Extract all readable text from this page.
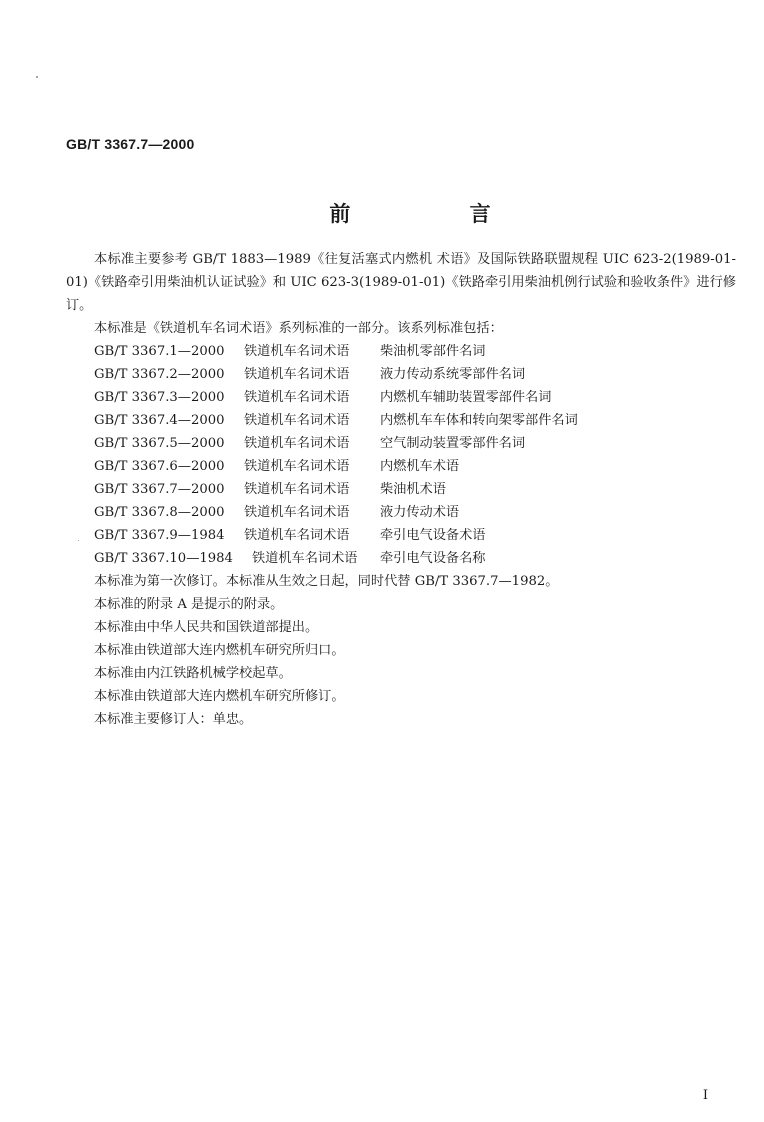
GB/T 3367.7—2000
前 言

本标准主要参考 GB/T 1883—1989《往复活塞式内燃机 术语》及国际铁路联盟规程 UIC 623-2(1989-01-01)《铁路牵引用柴油机认证试验》和 UIC 623-3(1989-01-01)《铁路牵引用柴油机例行试验和验收条件》进行修订。

本标准是《铁道机车名词术语》系列标准的一部分。该系列标准包括：

GB/T 3367.1—2000	铁道机车名词术语	柴油机零部件名词
GB/T 3367.2—2000	铁道机车名词术语	液力传动系统零部件名词
GB/T 3367.3—2000	铁道机车名词术语	内燃机车辅助装置零部件名词
GB/T 3367.4—2000	铁道机车名词术语	内燃机车车体和转向架零部件名词
GB/T 3367.5—2000	铁道机车名词术语	空气制动装置零部件名词
GB/T 3367.6—2000	铁道机车名词术语	内燃机车术语
GB/T 3367.7—2000	铁道机车名词术语	柴油机术语
GB/T 3367.8—2000	铁道机车名词术语	液力传动术语
GB/T 3367.9—1984	铁道机车名词术语	牵引电气设备术语
GB/T 3367.10—1984	铁道机车名词术语	牵引电气设备名称

本标准为第一次修订。本标准从生效之日起，同时代替 GB/T 3367.7—1982。

本标准的附录 A 是提示的附录。

本标准由中华人民共和国铁道部提出。

本标准由铁道部大连内燃机车研究所归口。

本标准由内江铁路机械学校起草。

本标准由铁道部大连内燃机车研究所修订。

本标准主要修订人：单忠。

I
